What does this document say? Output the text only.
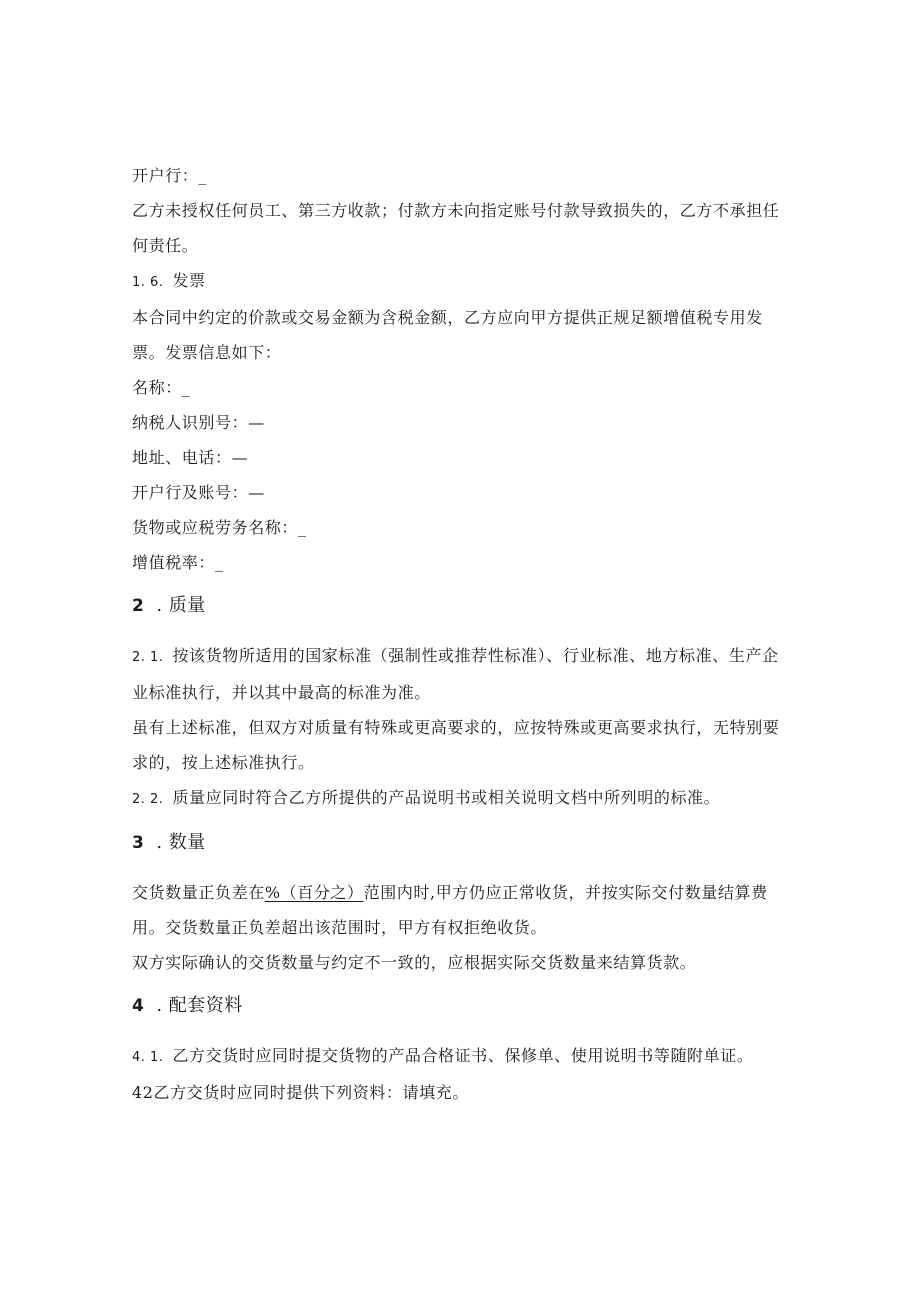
开户行：_

乙方未授权任何员工、第三方收款；付款方未向指定账号付款导致损失的，乙方不承担任何责任。

1. 6. 发票

本合同中约定的价款或交易金额为含税金额，乙方应向甲方提供正规足额增值税专用发票。发票信息如下：

名称：_

纳税人识别号：—

地址、电话：—

开户行及账号：—

货物或应税劳务名称：_

增值税率：_

2 . 质量

2. 1. 按该货物所适用的国家标准（强制性或推荐性标准）、行业标准、地方标准、生产企业标准执行，并以其中最高的标准为准。

虽有上述标准，但双方对质量有特殊或更高要求的，应按特殊或更高要求执行，无特别要求的，按上述标准执行。

2. 2. 质量应同时符合乙方所提供的产品说明书或相关说明文档中所列明的标准。

3 . 数量

交货数量正负差在%（百分之）范围内时,甲方仍应正常收货，并按实际交付数量结算费用。交货数量正负差超出该范围时，甲方有权拒绝收货。

双方实际确认的交货数量与约定不一致的，应根据实际交货数量来结算货款。

4 . 配套资料

4. 1. 乙方交货时应同时提交货物的产品合格证书、保修单、使用说明书等随附单证。

42乙方交货时应同时提供下列资料：请填充。
